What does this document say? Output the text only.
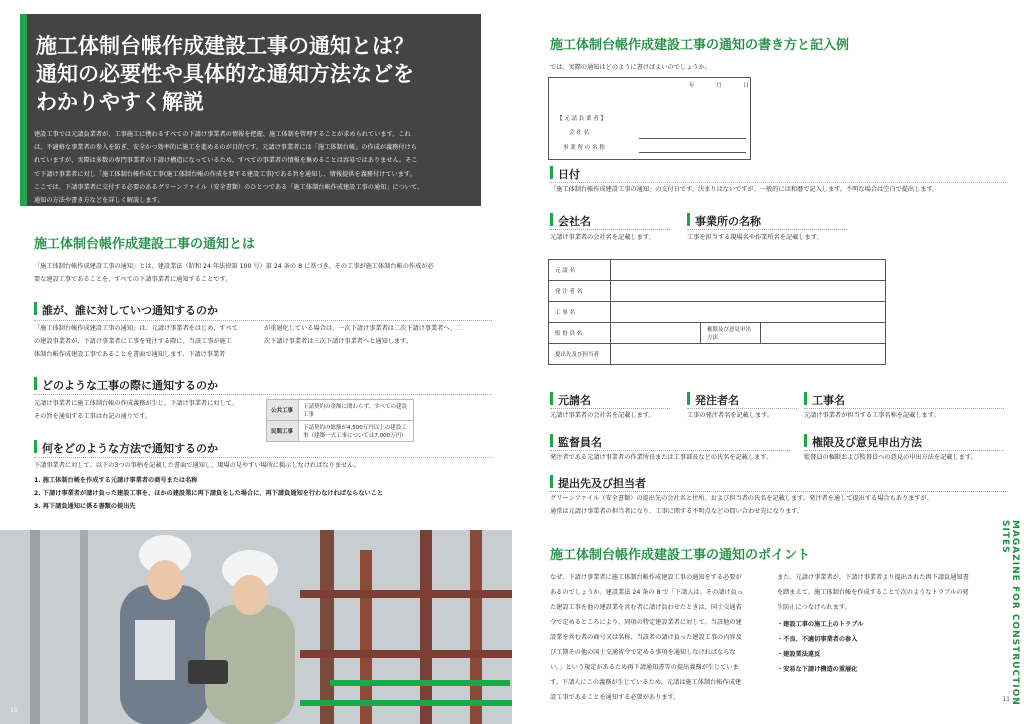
施工体制台帳作成建設工事の通知とは？
通知の必要性や具体的な通知方法などを
わかりやすく解説

建設工事では元請負業者が、工事施工に携わるすべての下請け事業者の情報を把握、施工体制を管理することが求められています。これ
は、不適格な事業者の参入を防ぎ、安全かつ効率的に施工を進めるのが目的です。元請け事業者には「施工体制台帳」の作成が義務付けら
れていますが、実際は多数の専門事業者の下請け構造になっているため、すべての事業者の情報を集めることは容易ではありません。そこ
で下請け事業者に対し「施工体制台帳作成工事(施工体制台帳の作成を要する建設工事)である旨を通知し、情報提供を義務付けています。
ここでは、下請事業者に交付する必要のあるグリーンファイル（安全書類）のひとつである「施工体制台帳作成建設工事の通知」について、
通知の方法や書き方などを詳しく解説します。

施工体制台帳作成建設工事の通知とは

「施工体制台帳作成建設工事の通知」とは、建設業法（昭和 24 年法律第 100 号）第 24 条の 8 に基づき、その工事が施工体制台帳の作成が必

要な建設工事であることを、すべての下請事業者に通知することです。

誰が、誰に対していつ通知するのか

「施工体制台帳作成建設工事の通知」は、元請け事業者をはじめ、すべて

の建設事業者が、下請け事業者に工事を発注する際に、当該工事が施工

体制台帳作成建設工事であることを書面で通知します。下請け事業者

が重層化している場合は、一次下請け事業者は二次下請け事業者へ、二

次下請け事業者は三次下請け事業者へと通知します。

どのような工事の際に通知するのか

元請け事業者に施工体制台帳の作成義務が生じ、下請け事業者に対して、

その旨を通知する工事は右記の通りです。

公共工事	下請契約の金額に関わらず、すべての建設工事
民間工事	下請契約の総額が4,500万円以上の建設工事（建築一式工事については7,000万円）
何をどのような方法で通知するのか

下請事業者に対して、以下の3つの事柄を記載した書面で通知し、現場の見やすい場所に掲示しなければなりません。

1. 施工体制台帳を作成する元請け事業者の商号または名称

2. 下請け事業者が請け負った建設工事を、ほかの建設業に再下請負をした場合に、再下請負通知を行わなければならないこと

3. 再下請負通知に係る書類の提出先

10
施工体制台帳作成建設工事の通知の書き方と記入例
では、実際の通知はどのように書けばよいのでしょうか。
年	月	日
【 元 請 負 業 者 】
会 社 名
事 業 所 の 名 称
日付
「施工体制台帳作成建設工事の通知」の交付日です。決まりはないですが、一般的には和暦で記入します。不明な場合は空白で提出します。
会社名
元請け事業者の会社名を記載します。
事業所の名称
工事を担当する現場名や作業所名を記載します。
元 請 名			
発 注 者 名			
工 事 名			
監 督 員 名		権限及び意見申出方法	
提出先及び担当者			
元請名
元請け事業者の会社名を記載します。
発注者名
工事の発注者名を記載します。
工事名
元請け事業者が担当する工事名称を記載します。
監督員名
発注者である元請け事業者の作業所長または工事部長などの氏名を記載します。
権限及び意見申出方法
監督員の権限および監督員への意見の申出方法を記載します。
提出先及び担当者

グリーンファイル（安全書類）の提出先の会社名と住所、および担当者の氏名を記載します。発注者を通して提出する場合もありますが、

通常は元請け事業者の担当者になり、工事に関する不明点などの問い合わせ先になります。

施工体制台帳作成建設工事の通知のポイント

なぜ、下請け事業者に施工体制台帳作成建設工事の通知をする必要が

あるのでしょうか。建設業法 24 条の 8 で「下請人は、その請け負っ

た建設工事を他の建設業を営む者に請け負わせたときは、国土交通省

令で定めるところにより、同項の特定建設業者に対して、当該他の建

設業を営む者の商号又は名称、当該者の請け負った建設工事の内容及

び工期その他の国土交通省令で定める事項を通知しなければならな

い。」という規定があるため再下請通知書等の提出義務が生じていま

す。下請人にこの義務が生じているため、元請は施工体制台帳作成建

設工事であることを通知する必要があります。

また、元請け事業者が、下請け事業者より提出された再下請負通知書

を踏まえて、施工体制台帳を作成することで次のようなトラブルの発

生防止につなげられます。

・建設工事の施工上のトラブル

・不良、不適切事業者の参入

・建設業法違反

・安易な下請け構造の重層化	MAGAZINE FOR CONSTRUCTION SITES
11
